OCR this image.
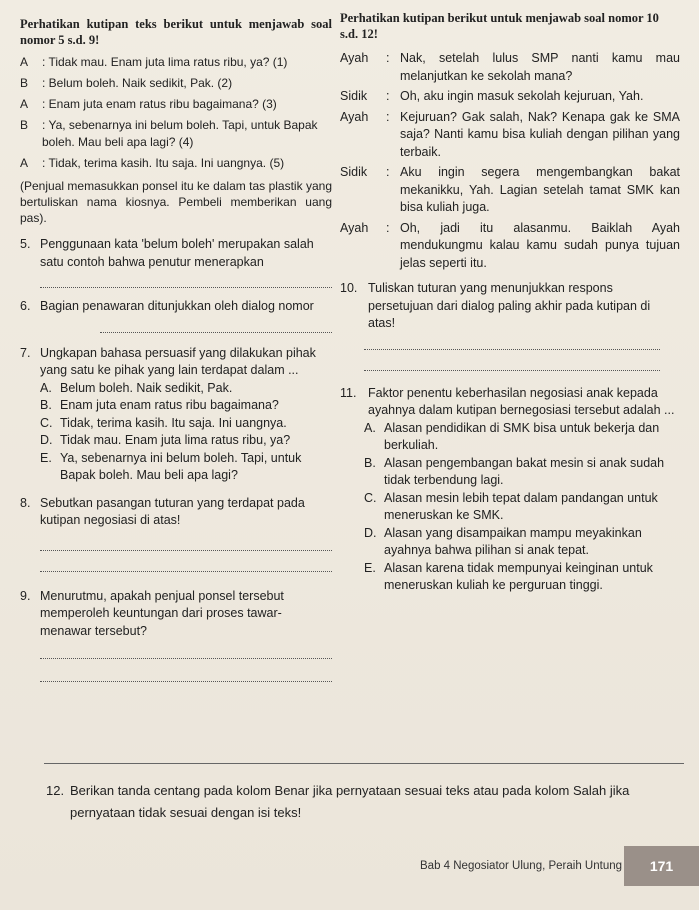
Perhatikan kutipan teks berikut untuk menjawab soal nomor 5 s.d. 9!
A	: Tidak mau. Enam juta lima ratus ribu, ya? (1)
B	: Belum boleh. Naik sedikit, Pak. (2)
A	: Enam juta enam ratus ribu bagaimana? (3)
B	: Ya, sebenarnya ini belum boleh. Tapi, untuk Bapak boleh. Mau beli apa lagi? (4)
A	: Tidak, terima kasih. Itu saja. Ini uangnya. (5)
(Penjual memasukkan ponsel itu ke dalam tas plastik yang bertuliskan nama kiosnya. Pembeli memberikan uang pas).
5. Penggunaan kata 'belum boleh' merupakan salah satu contoh bahwa penutur menerapkan
6. Bagian penawaran ditunjukkan oleh dialog nomor
7. Ungkapan bahasa persuasif yang dilakukan pihak yang satu ke pihak yang lain terdapat dalam ...
A. Belum boleh. Naik sedikit, Pak.
B. Enam juta enam ratus ribu bagaimana?
C. Tidak, terima kasih. Itu saja. Ini uangnya.
D. Tidak mau. Enam juta lima ratus ribu, ya?
E. Ya, sebenarnya ini belum boleh. Tapi, untuk Bapak boleh. Mau beli apa lagi?
8. Sebutkan pasangan tuturan yang terdapat pada kutipan negosiasi di atas!
9. Menurutmu, apakah penjual ponsel tersebut memperoleh keuntungan dari proses tawar-menawar tersebut?
Perhatikan kutipan berikut untuk menjawab soal nomor 10 s.d. 12!
Ayah	: Nak, setelah lulus SMP nanti kamu mau melanjutkan ke sekolah mana?
Sidik	: Oh, aku ingin masuk sekolah kejuruan, Yah.
Ayah	: Kejuruan? Gak salah, Nak? Kenapa gak ke SMA saja? Nanti kamu bisa kuliah dengan pilihan yang terbaik.
Sidik	: Aku ingin segera mengembangkan bakat mekanikku, Yah. Lagian setelah tamat SMK kan bisa kuliah juga.
Ayah	: Oh, jadi itu alasanmu. Baiklah Ayah mendukungmu kalau kamu sudah punya tujuan jelas seperti itu.
10. Tuliskan tuturan yang menunjukkan respons persetujuan dari dialog paling akhir pada kutipan di atas!
11. Faktor penentu keberhasilan negosiasi anak kepada ayahnya dalam kutipan bernegosiasi tersebut adalah ...
A. Alasan pendidikan di SMK bisa untuk bekerja dan berkuliah.
B. Alasan pengembangan bakat mesin si anak sudah tidak terbendung lagi.
C. Alasan mesin lebih tepat dalam pandangan untuk meneruskan ke SMK.
D. Alasan yang disampaikan mampu meyakinkan ayahnya bahwa pilihan si anak tepat.
E. Alasan karena tidak mempunyai keinginan untuk meneruskan kuliah ke perguruan tinggi.
12. Berikan tanda centang pada kolom Benar jika pernyataan sesuai teks atau pada kolom Salah jika pernyataan tidak sesuai dengan isi teks!
Bab 4 Negosiator Ulung, Peraih Untung	171
